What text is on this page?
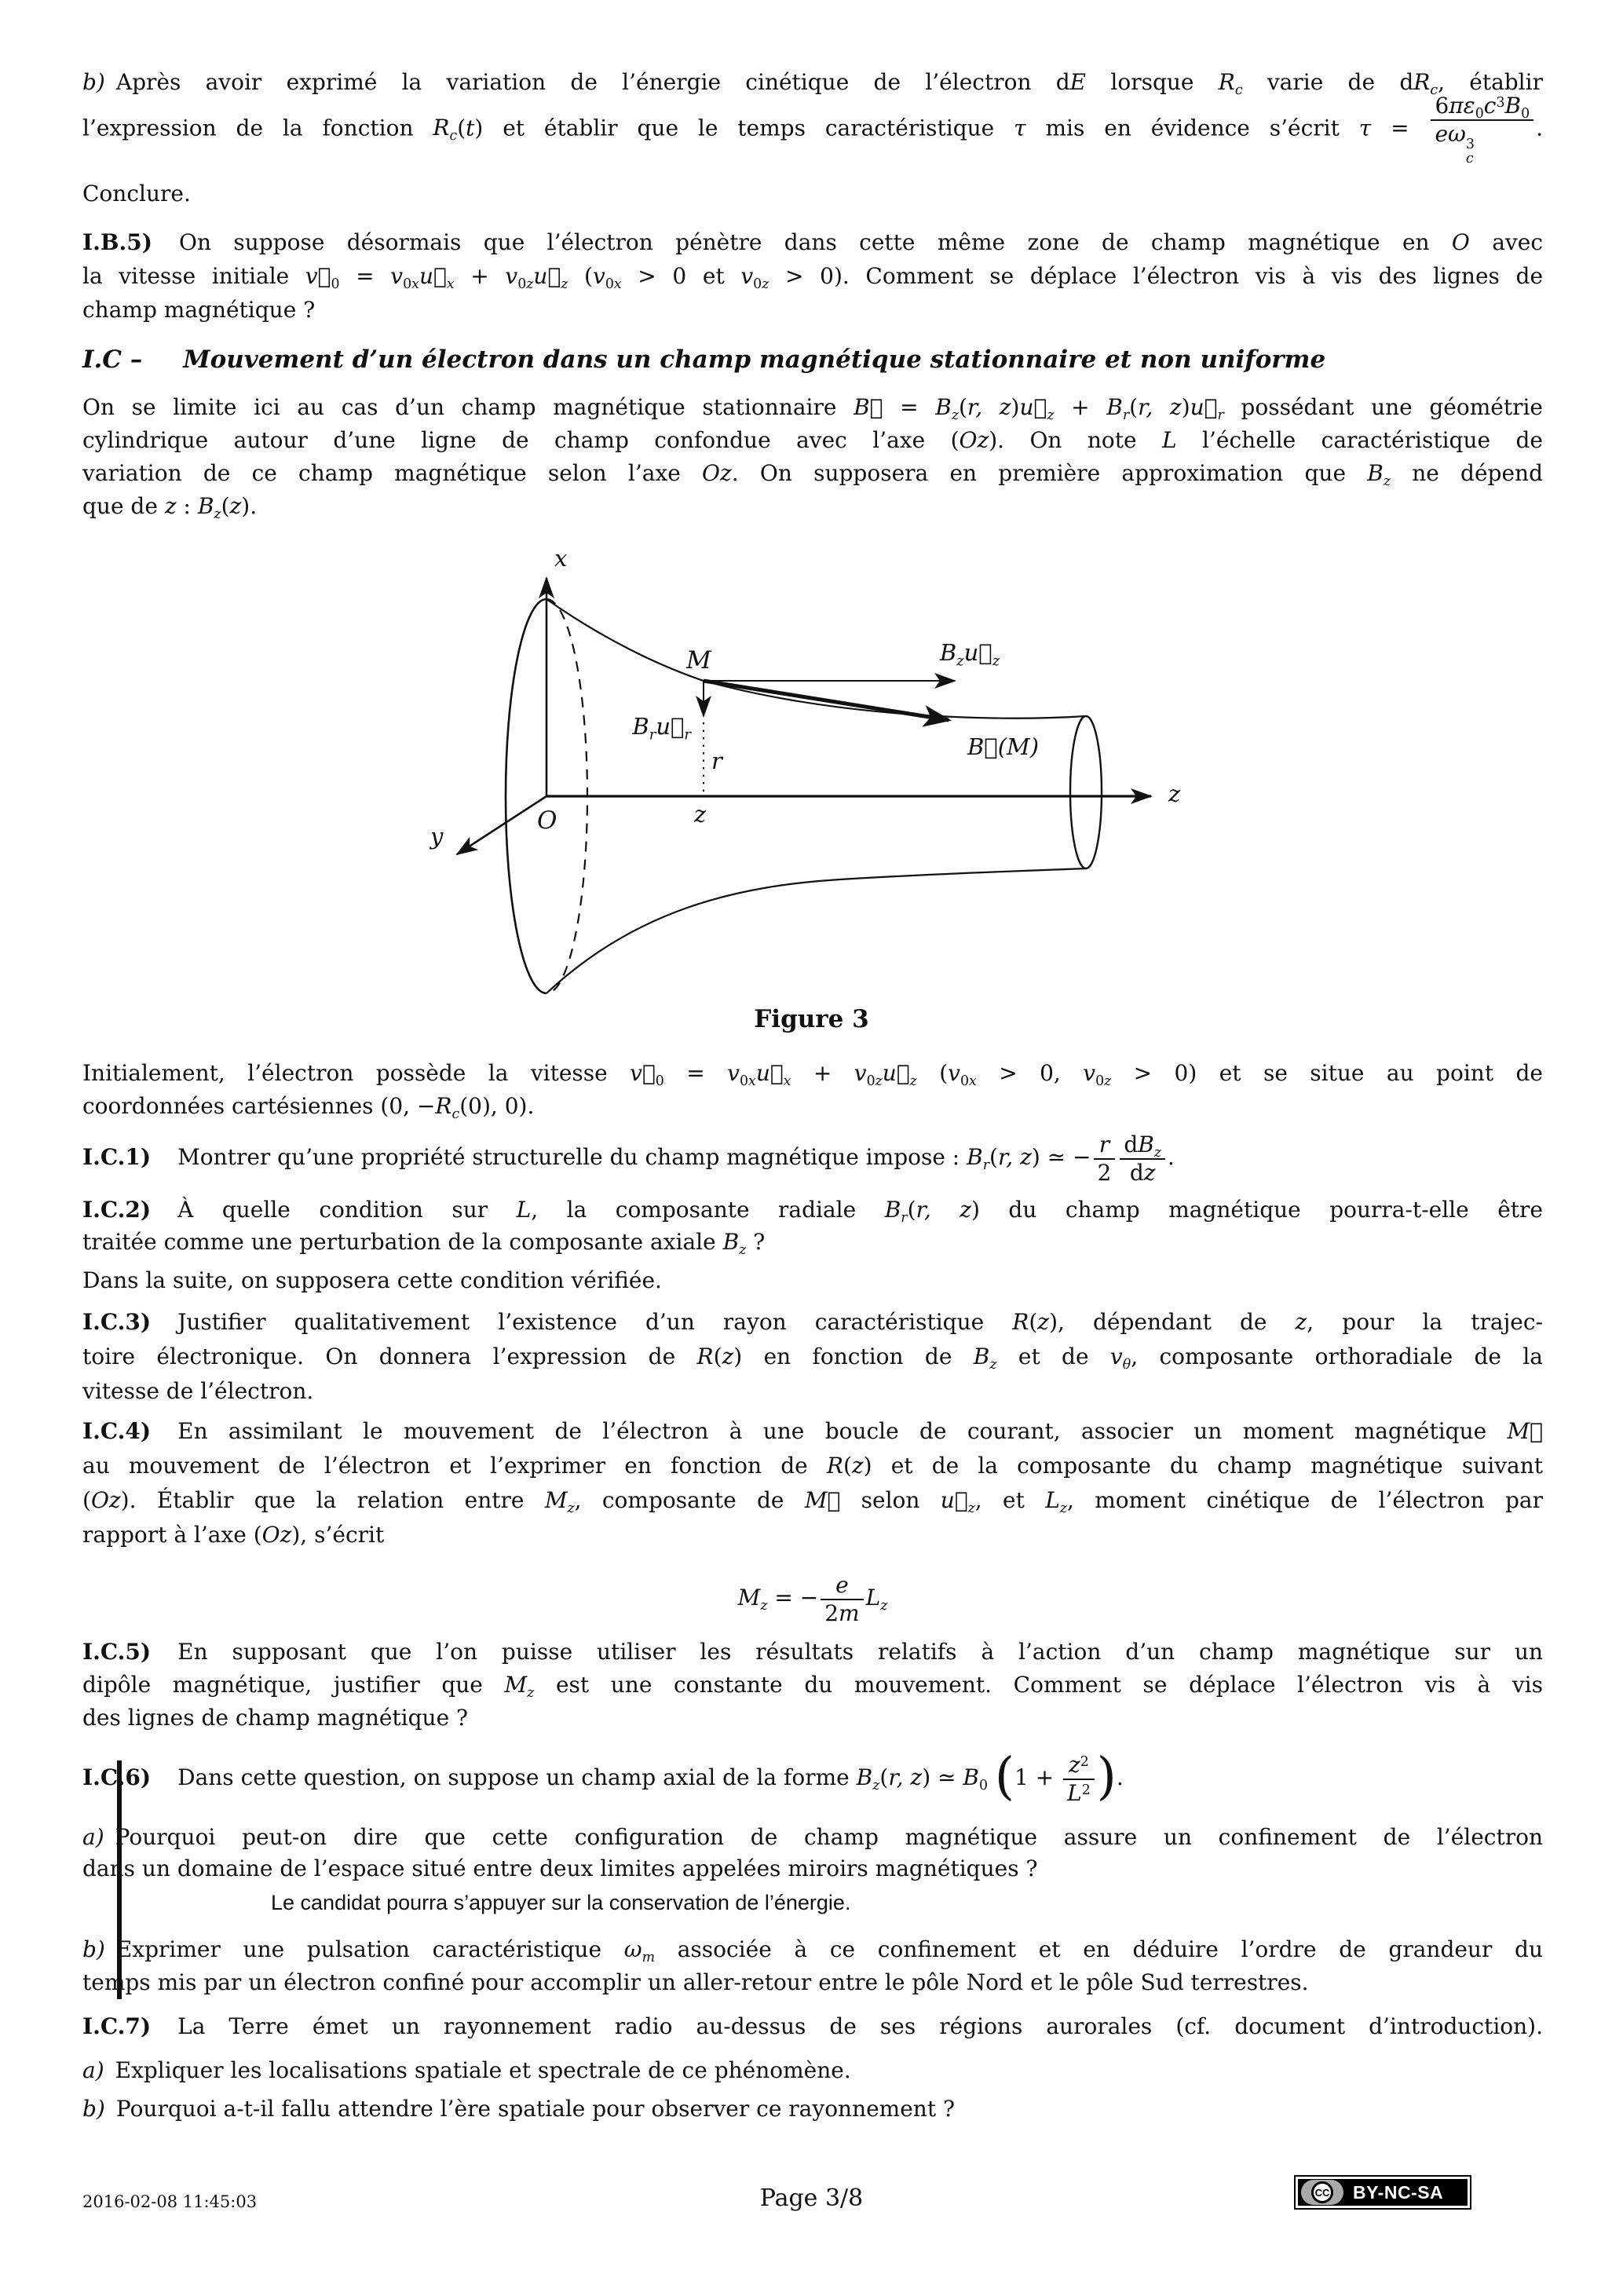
b) Après avoir exprimé la variation de l’énergie cinétique de l’électron dE lorsque $R_c$ varie de $dR_c$, établir
l’expression de la fonction $R_c(t)$ et établir que le temps caractéristique τ mis en évidence s’écrit $\tau = 6\pi\varepsilon_0c^3B_0$
eω 3
c .
Conclure.
I.B.5) On suppose désormais que l’électron pénètre dans cette même zone de champ magnétique en O avec
la vitesse initiale $v⃗_0$ = $v_{0x}u⃗_x$ + $v_{0z}u⃗_z$ ($v_{0x} > 0$ et $v_{0z} > 0$). Comment se déplace l’électron vis à vis des lignes de
champ magnétique ?
I.C – Mouvement d’un électron dans un champ magnétique stationnaire et non uniforme
On se limite ici au cas d’un champ magnétique stationnaire B⃗ = $B_z(r$, $z)u⃗_z + B_r(r$, $z)u⃗_r$ possédant une géométrie
cylindrique autour d’une ligne de champ confondue avec l’axe (Oz). On note L l’échelle caractéristique de
variation de ce champ magnétique selon l’axe Oz. On supposera en première approximation que $B_z$ ne dépend
que de z : $B_z(z)$.
x
z
y
O
M	$B_zu⃗_z$
$B_ru⃗_r$	B⃗(M)
r
z
Figure 3
Initialement, l’électron possède la vitesse $v⃗_0$ = $v_{0x}u⃗_x$ + $v_{0z}u⃗_z$ ($v_{0x} > 0$, $v_{0z} > 0$) et se situe au point de
coordonnées cartésiennes (0, $-R_c(0)$, 0).
I.C.1) Montrer qu’une propriété structurelle du champ magnétique impose : $B_r(r$, z) ≃ − $\frac{r}{2} \frac{dB_z}{dz}$ .
I.C.2) À quelle condition sur L, la composante radiale $B_r(r$, z) du champ magnétique pourra-t-elle être
traitée comme une perturbation de la composante axiale $B_z$ ?
Dans la suite, on supposera cette condition vérifiée.
I.C.3) Justifier qualitativement l’existence d’un rayon caractéristique R(z), dépendant de z, pour la trajec-
toire électronique. On donnera l’expression de R(z) en fonction de $B_z$ et de $v_\theta$, composante orthoradiale de la
vitesse de l’électron.
I.C.4) En assimilant le mouvement de l’électron à une boucle de courant, associer un moment magnétique M⃗
au mouvement de l’électron et l’exprimer en fonction de R(z) et de la composante du champ magnétique suivant
(Oz). Établir que la relation entre $M_z$, composante de M⃗ selon $u⃗_z$, et $L_z$, moment cinétique de l’électron par
rapport à l’axe (Oz), s’écrit
$M_z$ = − $\frac{e}{2m} L_z$
I.C.5) En supposant que l’on puisse utiliser les résultats relatifs à l’action d’un champ magnétique sur un
dipôle magnétique, justifier que $M_z$ est une constante du mouvement. Comment se déplace l’électron vis à vis
des lignes de champ magnétique ?
I.C.6) Dans cette question, on suppose un champ axial de la forme $B_z(r$, z) ≃ $B_0$ ($1 + \frac{z^2}{L^2}$ ).
a) Pourquoi peut-on dire que cette configuration de champ magnétique assure un confinement de l’électron
dans un domaine de l’espace situé entre deux limites appelées miroirs magnétiques ?
Le candidat pourra s’appuyer sur la conservation de l’énergie.
b) Exprimer une pulsation caractéristique $\omega_m$ associée à ce confinement et en déduire l’ordre de grandeur du
temps mis par un électron confiné pour accomplir un aller-retour entre le pôle Nord et le pôle Sud terrestres.
I.C.7) La Terre émet un rayonnement radio au-dessus de ses régions aurorales (cf. document d’introduction).
a) Expliquer les localisations spatiale et spectrale de ce phénomène.
b) Pourquoi a-t-il fallu attendre l’ère spatiale pour observer ce rayonnement ?
2016-02-08 11:45:03	Page 3/8	CC BY-NC-SA
